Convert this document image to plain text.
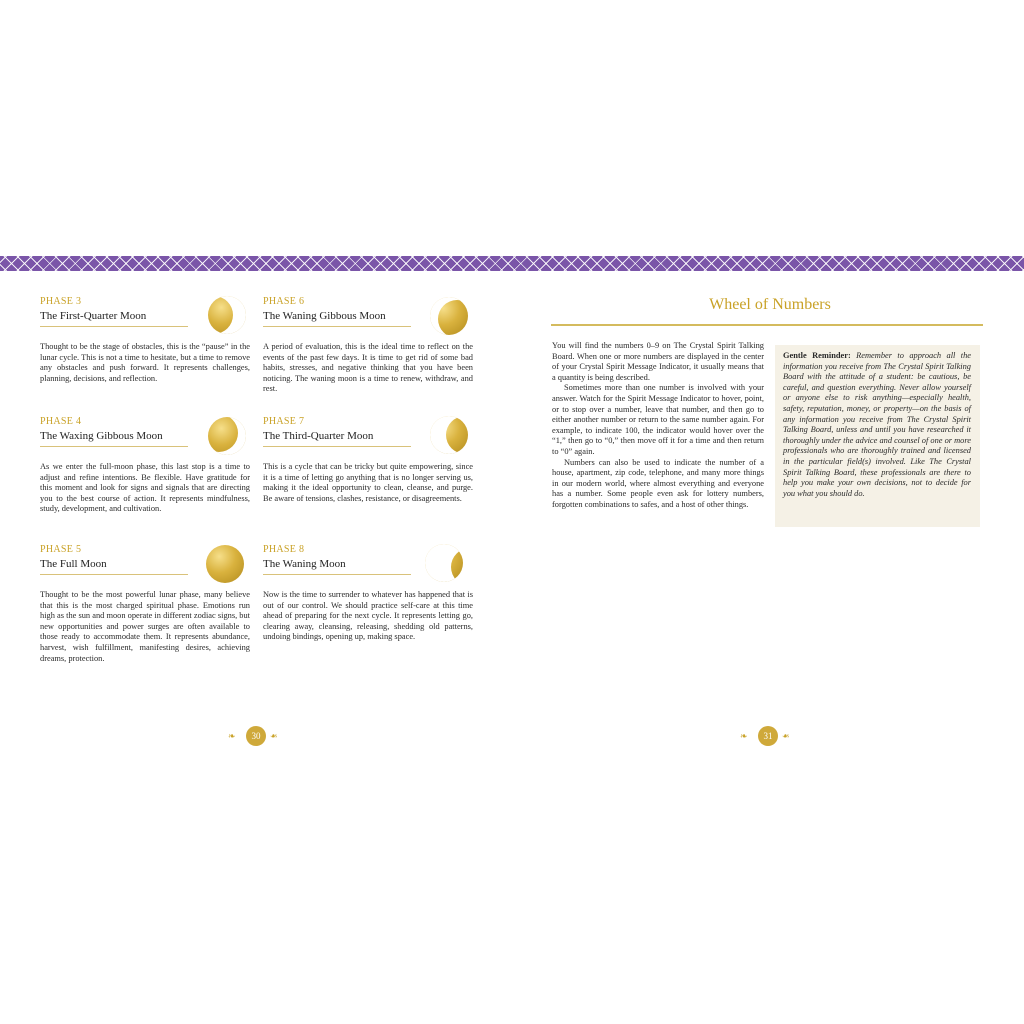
PHASE 3
The First-Quarter Moon
Thought to be the stage of obstacles, this is the “pause” in the lunar cycle. This is not a time to hesitate, but a time to remove any obstacles and push forward. It represents challenges, planning, decisions, and reflection.
PHASE 4
The Waxing Gibbous Moon
As we enter the full-moon phase, this last stop is a time to adjust and refine intentions. Be flexible. Have gratitude for this moment and look for signs and signals that are directing you to the best course of action. It represents mindfulness, study, development, and cultivation.
PHASE 5
The Full Moon
Thought to be the most powerful lunar phase, many believe that this is the most charged spiritual phase. Emotions run high as the sun and moon operate in different zodiac signs, but new opportunities and power surges are often available to those ready to accommodate them. It represents abundance, harvest, wish fulfillment, manifesting desires, achieving dreams, protection.
PHASE 6
The Waning Gibbous Moon
A period of evaluation, this is the ideal time to reflect on the events of the past few days. It is time to get rid of some bad habits, stresses, and negative thinking that you have been noticing. The waning moon is a time to renew, withdraw, and rest.
PHASE 7
The Third-Quarter Moon
This is a cycle that can be tricky but quite empowering, since it is a time of letting go anything that is no longer serving us, making it the ideal opportunity to clean, cleanse, and purge. Be aware of tensions, clashes, resistance, or disagreements.
PHASE 8
The Waning Moon
Now is the time to surrender to whatever has happened that is out of our control. We should practice self-care at this time ahead of preparing for the next cycle. It represents letting go, clearing away, cleansing, releasing, shedding old patterns, undoing bindings, opening up, making space.
❧	30	❧
Wheel of Numbers

You will find the numbers 0–9 on The Crystal Spirit Talking Board. When one or more numbers are displayed in the center of your Crystal Spirit Message Indicator, it usually means that a quantity is being described.

Sometimes more than one number is involved with your answer. Watch for the Spirit Message Indicator to hover, point, or to stop over a number, leave that number, and then go to either another number or return to the same number again. For example, to indicate 100, the indicator would hover over the “1,” then go to “0,” then move off it for a time and then return to “0” again.

Numbers can also be used to indicate the number of a house, apartment, zip code, telephone, and many more things in our modern world, where almost everything and everyone has a number. Some people even ask for lottery numbers, forgotten combinations to safes, and a host of other things.

Gentle Reminder: Remember to approach all the information you receive from The Crystal Spirit Talking Board with the attitude of a student: be cautious, be careful, and question everything. Never allow yourself or anyone else to risk anything—especially health, safety, reputation, money, or property—on the basis of any information you receive from The Crystal Spirit Talking Board, unless and until you have researched it thoroughly under the advice and counsel of one or more professionals who are thoroughly trained and licensed in the particular field(s) involved. Like The Crystal Spirit Talking Board, these professionals are there to help you make your own decisions, not to decide for you what you should do.
❧	31	❧
